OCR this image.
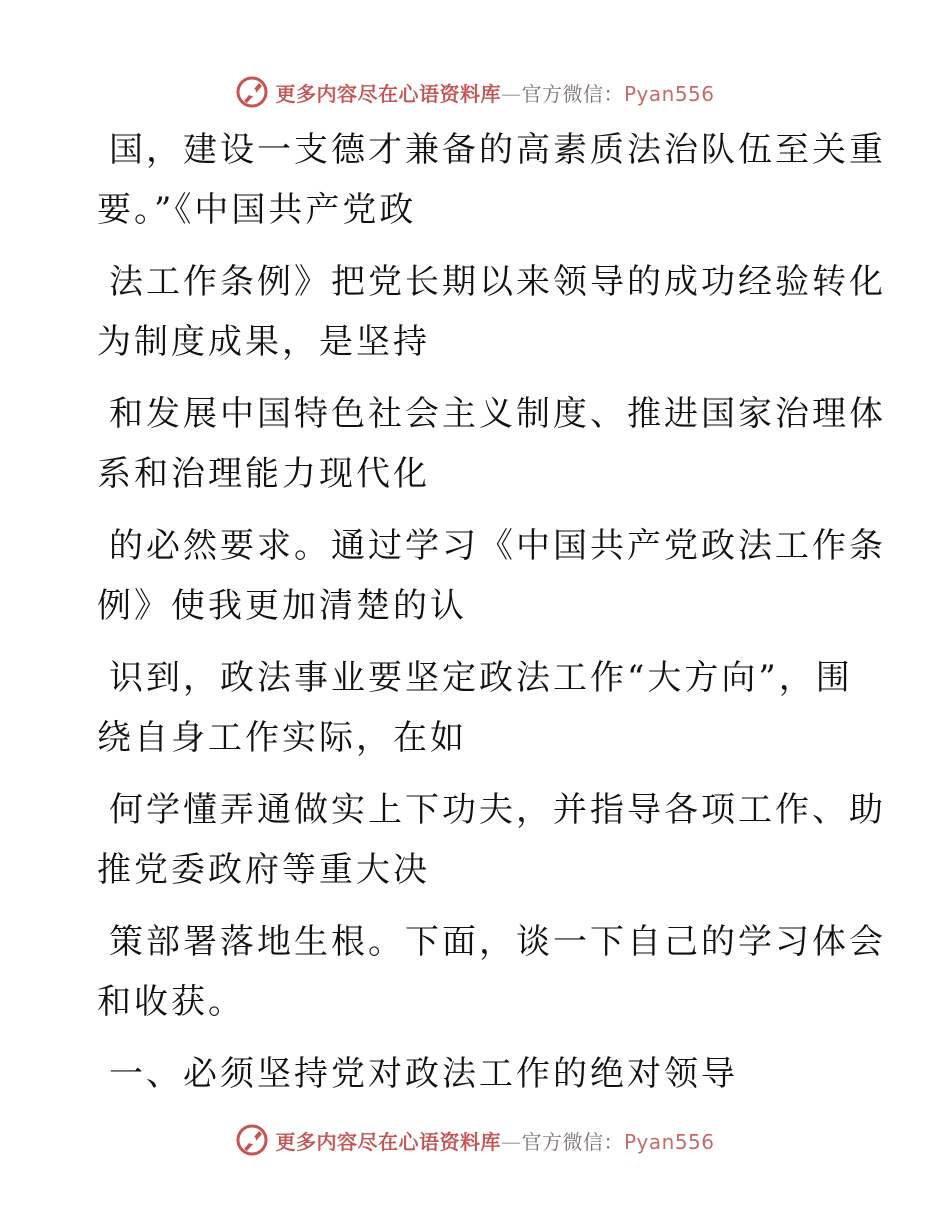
更多内容尽在心语资料库—官方微信：Pyan556

国，建设一支德才兼备的高素质法治队伍至关重
要。”《中国共产党政

法工作条例》把党长期以来领导的成功经验转化
为制度成果，是坚持

和发展中国特色社会主义制度、推进国家治理体
系和治理能力现代化

的必然要求。通过学习《中国共产党政法工作条
例》使我更加清楚的认

识到，政法事业要坚定政法工作“大方向”，围
绕自身工作实际，在如

何学懂弄通做实上下功夫，并指导各项工作、助
推党委政府等重大决

策部署落地生根。下面，谈一下自己的学习体会
和收获。

一、必须坚持党对政法工作的绝对领导
更多内容尽在心语资料库—官方微信：Pyan556
